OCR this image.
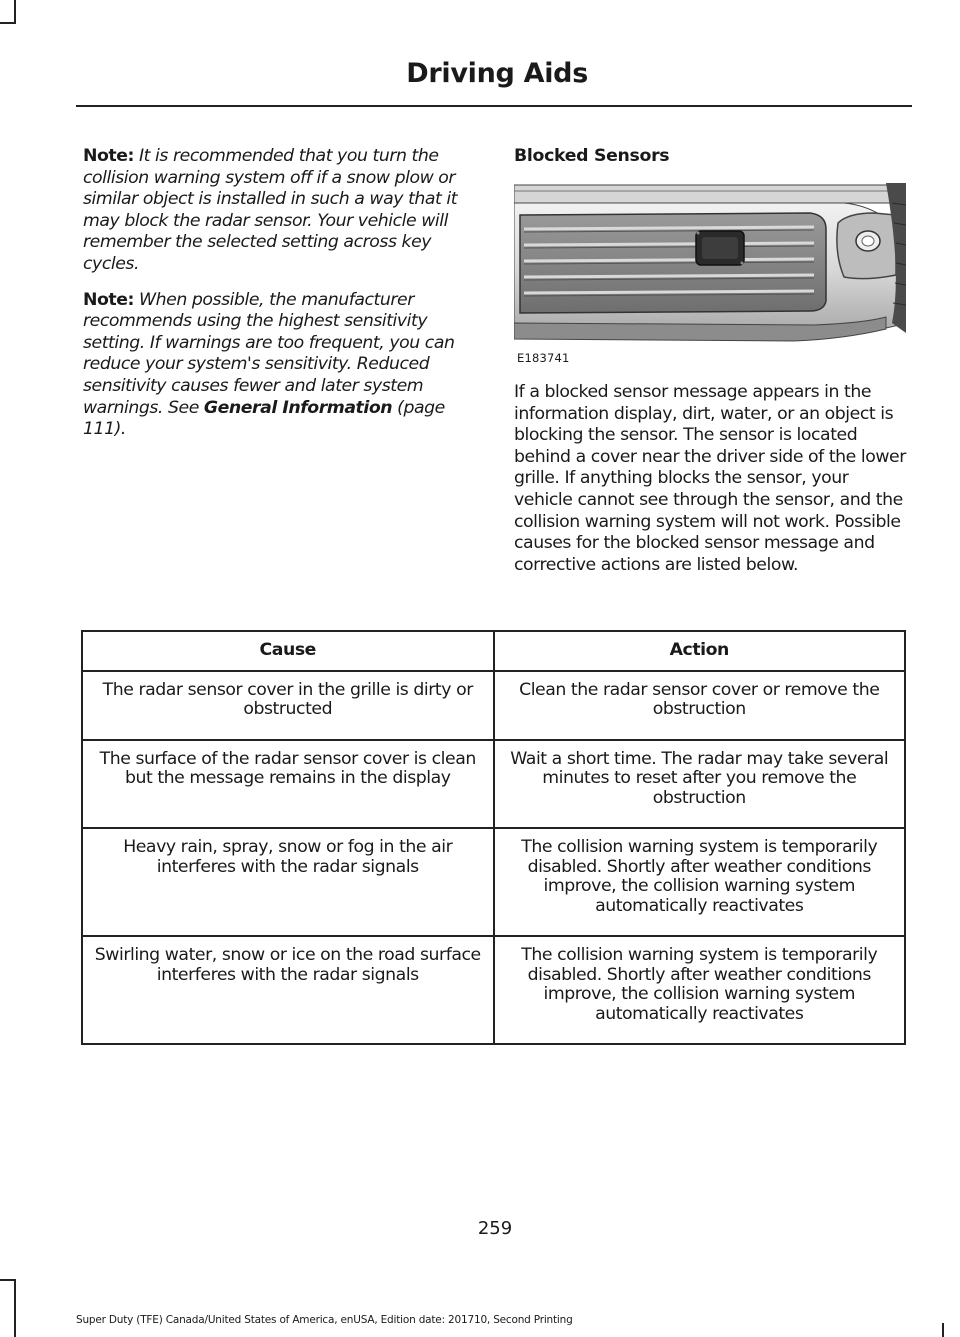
Driving Aids

Note: It is recommended that you turn the collision warning system off if a snow plow or similar object is installed in such a way that it may block the radar sensor. Your vehicle will remember the selected setting across key cycles.

Note: When possible, the manufacturer recommends using the highest sensitivity setting. If warnings are too frequent, you can reduce your system's sensitivity. Reduced sensitivity causes fewer and later system warnings. See General Information (page 111).

Blocked Sensors
E183741

If a blocked sensor message appears in the information display, dirt, water, or an object is blocking the sensor. The sensor is located behind a cover near the driver side of the lower grille. If anything blocks the sensor, your vehicle cannot see through the sensor, and the collision warning system will not work. Possible causes for the blocked sensor message and corrective actions are listed below.

Cause	Action
The radar sensor cover in the grille is dirty or obstructed	Clean the radar sensor cover or remove the obstruction
The surface of the radar sensor cover is clean but the message remains in the display	Wait a short time. The radar may take several minutes to reset after you remove the obstruction
Heavy rain, spray, snow or fog in the air interferes with the radar signals	The collision warning system is temporarily disabled. Shortly after weather conditions improve, the collision warning system automatically reactivates
Swirling water, snow or ice on the road surface interferes with the radar signals	The collision warning system is temporarily disabled. Shortly after weather conditions improve, the collision warning system automatically reactivates
259
Super Duty (TFE) Canada/United States of America, enUSA, Edition date: 201710, Second Printing
